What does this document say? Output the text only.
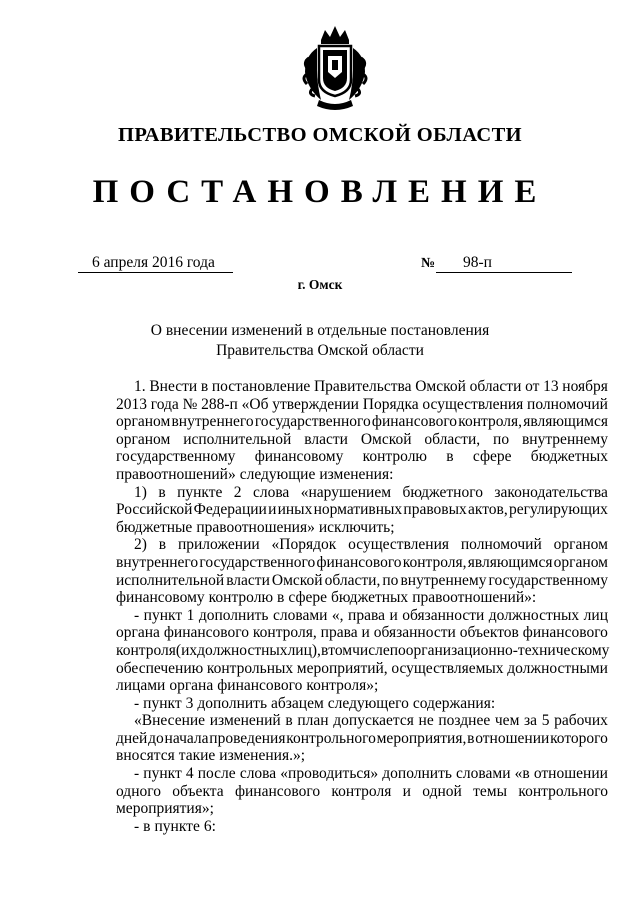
ПРАВИТЕЛЬСТВО ОМСКОЙ ОБЛАСТИ
ПОСТАНОВЛЕНИЕ
6 апреля 2016 года	№	98-п
г. Омск
О внесении изменений в отдельные постановления
Правительства Омской области
1. Внести в постановление Правительства Омской области от 13 ноября
2013 года № 288-п «Об утверждении Порядка осуществления полномочий
органом внутреннего государственного финансового контроля, являющимся
органом исполнительной власти Омской области, по внутреннему
государственному финансовому контролю в сфере бюджетных
правоотношений» следующие изменения:
1) в пункте 2 слова «нарушением бюджетного законодательства
Российской Федерации и иных нормативных правовых актов, регулирующих
бюджетные правоотношения» исключить;
2) в приложении «Порядок осуществления полномочий органом
внутреннего государственного финансового контроля, являющимся органом
исполнительной власти Омской области, по внутреннему государственному
финансовому контролю в сфере бюджетных правоотношений»:
- пункт 1 дополнить словами «, права и обязанности должностных лиц
органа финансового контроля, права и обязанности объектов финансового
контроля (их должностных лиц), в том числе по организационно-техническому
обеспечению контрольных мероприятий, осуществляемых должностными
лицами органа финансового контроля»;
- пункт 3 дополнить абзацем следующего содержания:
«Внесение изменений в план допускается не позднее чем за 5 рабочих
дней до начала проведения контрольного мероприятия, в отношении которого
вносятся такие изменения.»;
- пункт 4 после слова «проводиться» дополнить словами «в отношении
одного объекта финансового контроля и одной темы контрольного
мероприятия»;
- в пункте 6:
